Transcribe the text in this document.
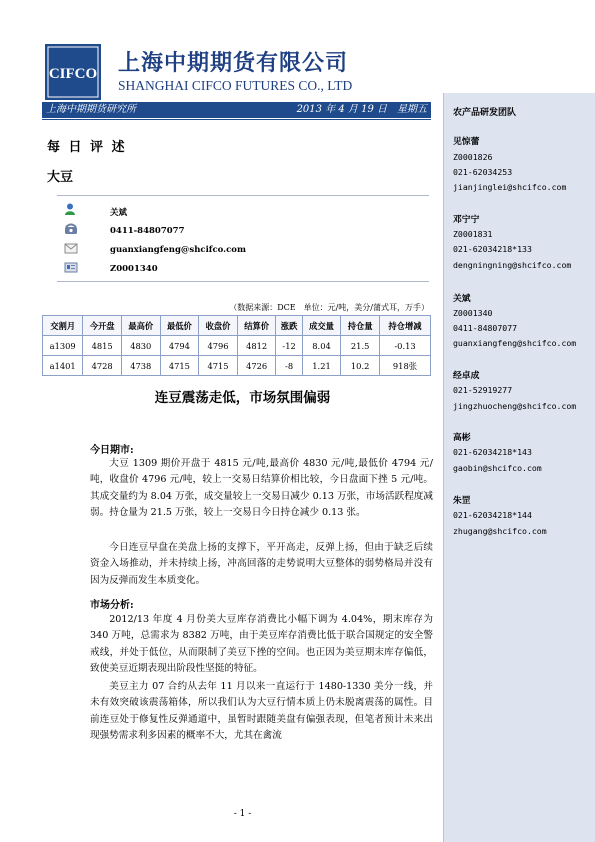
CIFCO 上海中期期货有限公司
SHANGHAI CIFCO FUTURES CO., LTD
上海中期期货研究所	2013 年 4 月 19 日　星期五	农产品研发团队
见惊蕾
Z0001826
021-62034253
jianjinglei@shcifco.com
邓宁宁
Z0001831
021-62034218*133
dengningning@shcifco.com
关斌
Z0001340
0411-84807077
guanxiangfeng@shcifco.com
经卓成
021-52919277
jingzhuocheng@shcifco.com
高彬
021-62034218*143
gaobin@shcifco.com
朱罡
021-62034218*144
zhugang@shcifco.com
每 日 评 述
大豆
关斌
0411-84807077
guanxiangfeng@shcifco.com
Z0001340
（数据来源：DCE　单位：元/吨，美分/蒲式耳，万手）
交割月	今开盘	最高价	最低价	收盘价	结算价	涨跌	成交量	持仓量	持仓增减
a1309	4815	4830	4794	4796	4812	-12	8.04	21.5	-0.13
a1401	4728	4738	4715	4715	4726	-8	1.21	10.2	918张
连豆震荡走低，市场氛围偏弱
今日期市:

大豆 1309 期价开盘于 4815 元/吨,最高价 4830 元/吨,最低价 4794 元/吨，收盘价 4796 元/吨，较上一交易日结算价相比较，今日盘面下挫 5 元/吨。其成交量约为 8.04 万张，成交量较上一交易日减少 0.13 万张，市场活跃程度减弱。持仓量为 21.5 万张，较上一交易日今日持仓减少 0.13 张。

今日连豆早盘在美盘上扬的支撑下，平开高走，反弹上扬，但由于缺乏后续资金入场推动，并未持续上扬，冲高回落的走势说明大豆整体的弱势格局并没有因为反弹而发生本质变化。

市场分析:

2012/13 年度 4 月份美大豆库存消费比小幅下调为 4.04%，期末库存为 340 万吨，总需求为 8382 万吨，由于美豆库存消费比低于联合国规定的安全警戒线，并处于低位，从而限制了美豆下挫的空间。也正因为美豆期末库存偏低，致使美豆近期表现出阶段性坚挺的特征。

美豆主力 07 合约从去年 11 月以来一直运行于 1480-1330 美分一线，并未有效突破该震荡箱体，所以我们认为大豆行情本质上仍未脱离震荡的属性。目前连豆处于修复性反弹通道中，虽暂时跟随美盘有偏强表现，但笔者预计未来出现强势需求利多因素的概率不大，尤其在禽流

- 1 -
